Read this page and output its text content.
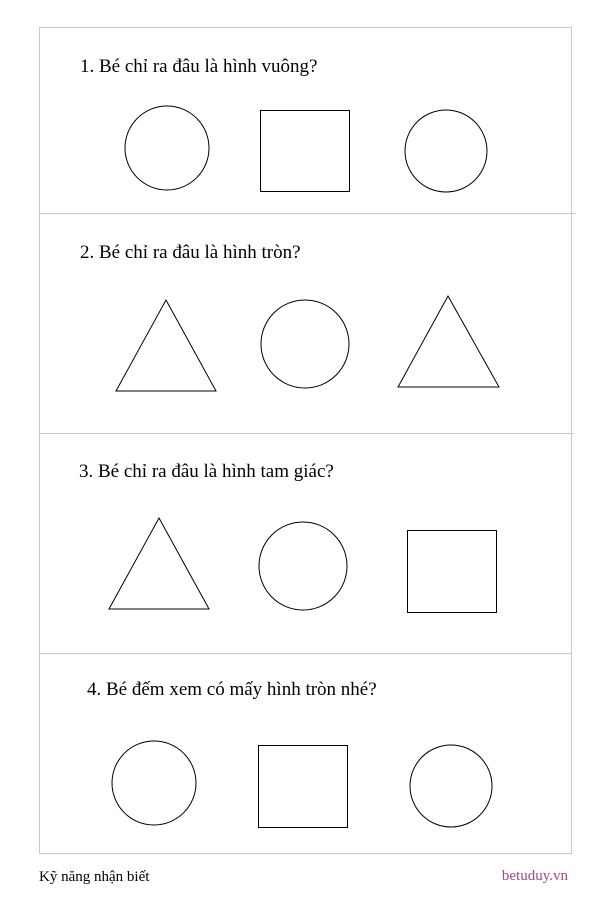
1. Bé chỉ ra đâu là hình vuông?
2. Bé chỉ ra đâu là hình tròn?
3. Bé chỉ ra đâu là hình tam giác?
4. Bé đếm xem có mấy hình tròn nhé?
Kỹ năng nhận biết	betuduy.vn
